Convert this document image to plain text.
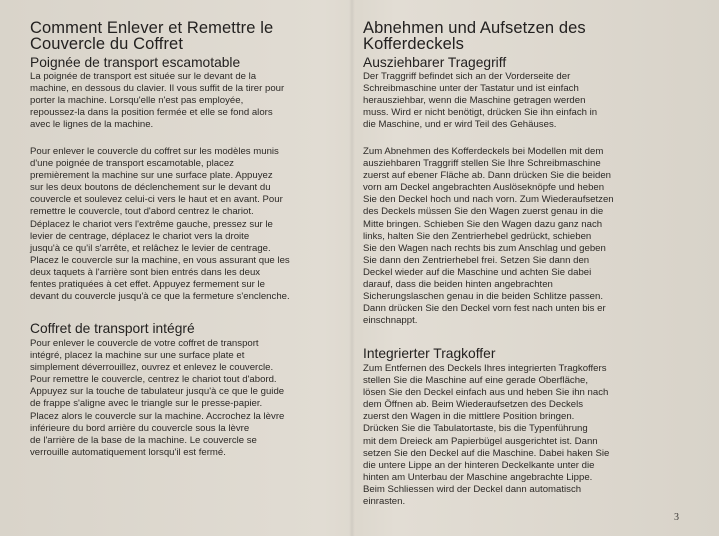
Comment Enlever et Remettre le
Couvercle du Coffret
Poignée de transport escamotable

La poignée de transport est située sur le devant de la
machine, en dessous du clavier. Il vous suffit de la tirer pour
porter la machine. Lorsqu'elle n'est pas employée,
repoussez-la dans la position fermée et elle se fond alors
avec le lignes de la machine.

Pour enlever le couvercle du coffret sur les modèles munis
d'une poignée de transport escamotable, placez
premièrement la machine sur une surface plate. Appuyez
sur les deux boutons de déclenchement sur le devant du
couvercle et soulevez celui-ci vers le haut et en avant. Pour
remettre le couvercle, tout d'abord centrez le chariot.
Déplacez le chariot vers l'extrême gauche, pressez sur le
levier de centrage, déplacez le chariot vers la droite
jusqu'à ce qu'il s'arrête, et relâchez le levier de centrage.
Placez le couvercle sur la machine, en vous assurant que les
deux taquets à l'arrière sont bien entrés dans les deux
fentes pratiquées à cet effet. Appuyez fermement sur le
devant du couvercle jusqu'à ce que la fermeture s'enclenche.

Coffret de transport intégré

Pour enlever le couvercle de votre coffret de transport
intégré, placez la machine sur une surface plate et
simplement déverrouillez, ouvrez et enlevez le couvercle.
Pour remettre le couvercle, centrez le chariot tout d'abord.
Appuyez sur la touche de tabulateur jusqu'à ce que le guide
de frappe s'aligne avec le triangle sur le presse-papier.
Placez alors le couvercle sur la machine. Accrochez la lèvre
inférieure du bord arrière du couvercle sous la lèvre
de l'arrière de la base de la machine. Le couvercle se
verrouille automatiquement lorsqu'il est fermé.

Abnehmen und Aufsetzen des
Kofferdeckels
Ausziehbarer Tragegriff

Der Traggriff befindet sich an der Vorderseite der
Schreibmaschine unter der Tastatur und ist einfach
herausziehbar, wenn die Maschine getragen werden
muss. Wird er nicht benötigt, drücken Sie ihn einfach in
die Maschine, und er wird Teil des Gehäuses.

Zum Abnehmen des Kofferdeckels bei Modellen mit dem
ausziehbaren Traggriff stellen Sie Ihre Schreibmaschine
zuerst auf ebener Fläche ab. Dann drücken Sie die beiden
vorn am Deckel angebrachten Auslöseknöpfe und heben
Sie den Deckel hoch und nach vorn. Zum Wiederaufsetzen
des Deckels müssen Sie den Wagen zuerst genau in die
Mitte bringen. Schieben Sie den Wagen dazu ganz nach
links, halten Sie den Zentrierhebel gedrückt, schieben
Sie den Wagen nach rechts bis zum Anschlag und geben
Sie dann den Zentrierhebel frei. Setzen Sie dann den
Deckel wieder auf die Maschine und achten Sie dabei
darauf, dass die beiden hinten angebrachten
Sicherungslaschen genau in die beiden Schlitze passen.
Dann drücken Sie den Deckel vorn fest nach unten bis er
einschnappt.

Integrierter Tragkoffer

Zum Entfernen des Deckels Ihres integrierten Tragkoffers
stellen Sie die Maschine auf eine gerade Oberfläche,
lösen Sie den Deckel einfach aus und heben Sie ihn nach
dem Öffnen ab. Beim Wiederaufsetzen des Deckels
zuerst den Wagen in die mittlere Position bringen.
Drücken Sie die Tabulatortaste, bis die Typenführung
mit dem Dreieck am Papierbügel ausgerichtet ist. Dann
setzen Sie den Deckel auf die Maschine. Dabei haken Sie
die untere Lippe an der hinteren Deckelkante unter die
hinten am Unterbau der Maschine angebrachte Lippe.
Beim Schliessen wird der Deckel dann automatisch
einrasten.

3
